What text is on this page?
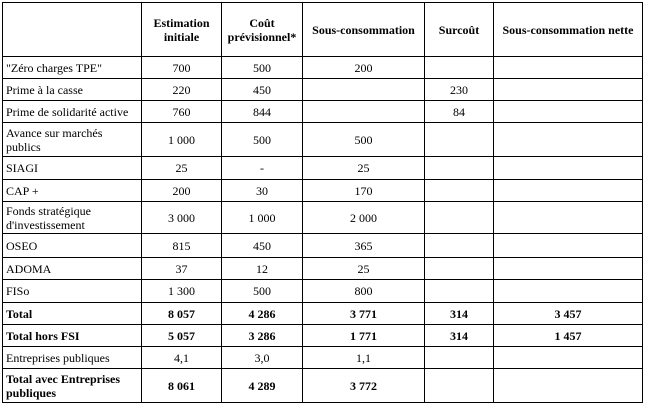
	Estimation initiale	Coût prévisionnel*	Sous-consommation	Surcoût	Sous-consommation nette
"Zéro charges TPE"	700	500	200		
Prime à la casse	220	450		230	
Prime de solidarité active	760	844		84	
Avance sur marchés publics	1 000	500	500		
SIAGI	25	-	25		
CAP +	200	30	170		
Fonds stratégique d'investissement	3 000	1 000	2 000		
OSEO	815	450	365		
ADOMA	37	12	25		
FISo	1 300	500	800		
Total	8 057	4 286	3 771	314	3 457
Total hors FSI	5 057	3 286	1 771	314	1 457
Entreprises publiques	4,1	3,0	1,1		
Total avec Entreprises publiques	8 061	4 289	3 772		
